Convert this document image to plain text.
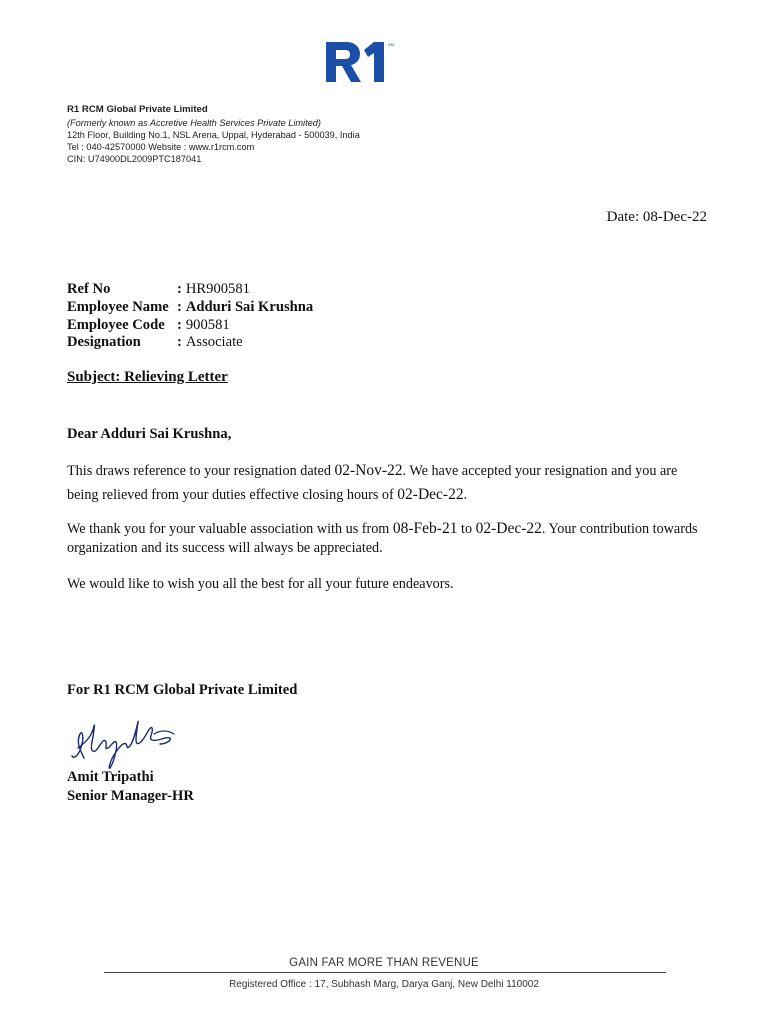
SM
R1 RCM Global Private Limited
(Formerly known as Accretive Health Services Private Limited)
12th Floor, Building No.1, NSL Arena, Uppal, Hyderabad - 500039, India
Tel : 040-42570000 Website : www.r1rcm.com
CIN: U74900DL2009PTC187041
Date: 08-Dec-22
Ref No	: HR900581
Employee Name : Adduri Sai Krushna
Employee Code : 900581
Designation : Associate
Subject: Relieving Letter
Dear Adduri Sai Krushna,
This draws reference to your resignation dated 02-Nov-22. We have accepted your resignation and you are being relieved from your duties effective closing hours of 02-Dec-22.
We thank you for your valuable association with us from 08-Feb-21 to 02-Dec-22. Your contribution towards organization and its success will always be appreciated.
We would like to wish you all the best for all your future endeavors.
For R1 RCM Global Private Limited
Amit Tripathi
Senior Manager-HR
GAIN FAR MORE THAN REVENUE
Registered Office : 17, Subhash Marg, Darya Ganj, New Delhi 110002
